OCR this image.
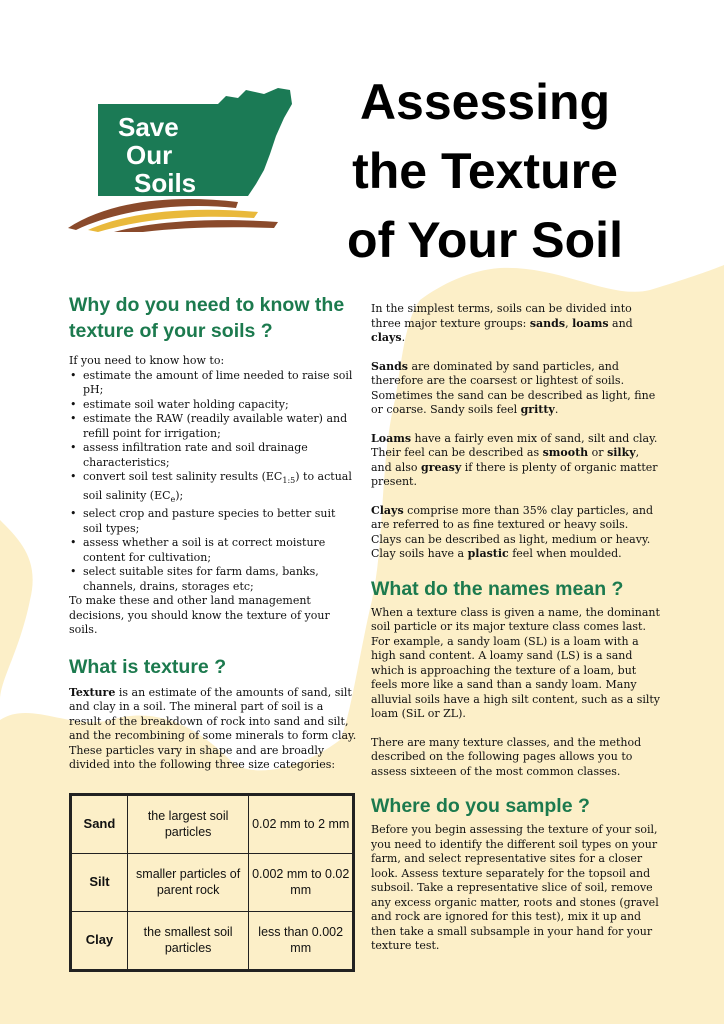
Save
Our
Soils
Assessing
the Texture
of Your Soil
Why do you need to know the texture of your soils ?

If you need to know how to:

• estimate the amount of lime needed to raise soil pH;
• estimate soil water holding capacity;
• estimate the RAW (readily available water) and refill point for irrigation;
• assess infiltration rate and soil drainage characteristics;
• convert soil test salinity results $(EC_{1:5})$ to actual soil salinity $(EC_e)$;
• select crop and pasture species to better suit soil types;
• assess whether a soil is at correct moisture content for cultivation;
• select suitable sites for farm dams, banks, channels, drains, storages etc;

To make these and other land management decisions, you should know the texture of your soils.

What is texture ?

Texture is an estimate of the amounts of sand, silt and clay in a soil. The mineral part of soil is a result of the breakdown of rock into sand and silt, and the recombining of some minerals to form clay. These particles vary in shape and are broadly divided into the following three size categories:

Sand	the largest soil particles	0.02 mm to 2 mm
Silt	smaller particles of parent rock	0.002 mm to 0.02 mm
Clay	the smallest soil particles	less than 0.002 mm

In the simplest terms, soils can be divided into three major texture groups: sands, loams and clays.

Sands are dominated by sand particles, and therefore are the coarsest or lightest of soils. Sometimes the sand can be described as light, fine or coarse. Sandy soils feel gritty.

Loams have a fairly even mix of sand, silt and clay. Their feel can be described as smooth or silky, and also greasy if there is plenty of organic matter present.

Clays comprise more than 35% clay particles, and are referred to as fine textured or heavy soils. Clays can be described as light, medium or heavy. Clay soils have a plastic feel when moulded.

What do the names mean ?

When a texture class is given a name, the dominant soil particle or its major texture class comes last. For example, a sandy loam (SL) is a loam with a high sand content. A loamy sand (LS) is a sand which is approaching the texture of a loam, but feels more like a sand than a sandy loam. Many alluvial soils have a high silt content, such as a silty loam (SiL or ZL).

There are many texture classes, and the method described on the following pages allows you to assess sixteeen of the most common classes.

Where do you sample ?

Before you begin assessing the texture of your soil, you need to identify the different soil types on your farm, and select representative sites for a closer look. Assess texture separately for the topsoil and subsoil. Take a representative slice of soil, remove any excess organic matter, roots and stones (gravel and rock are ignored for this test), mix it up and then take a small subsample in your hand for your texture test.
